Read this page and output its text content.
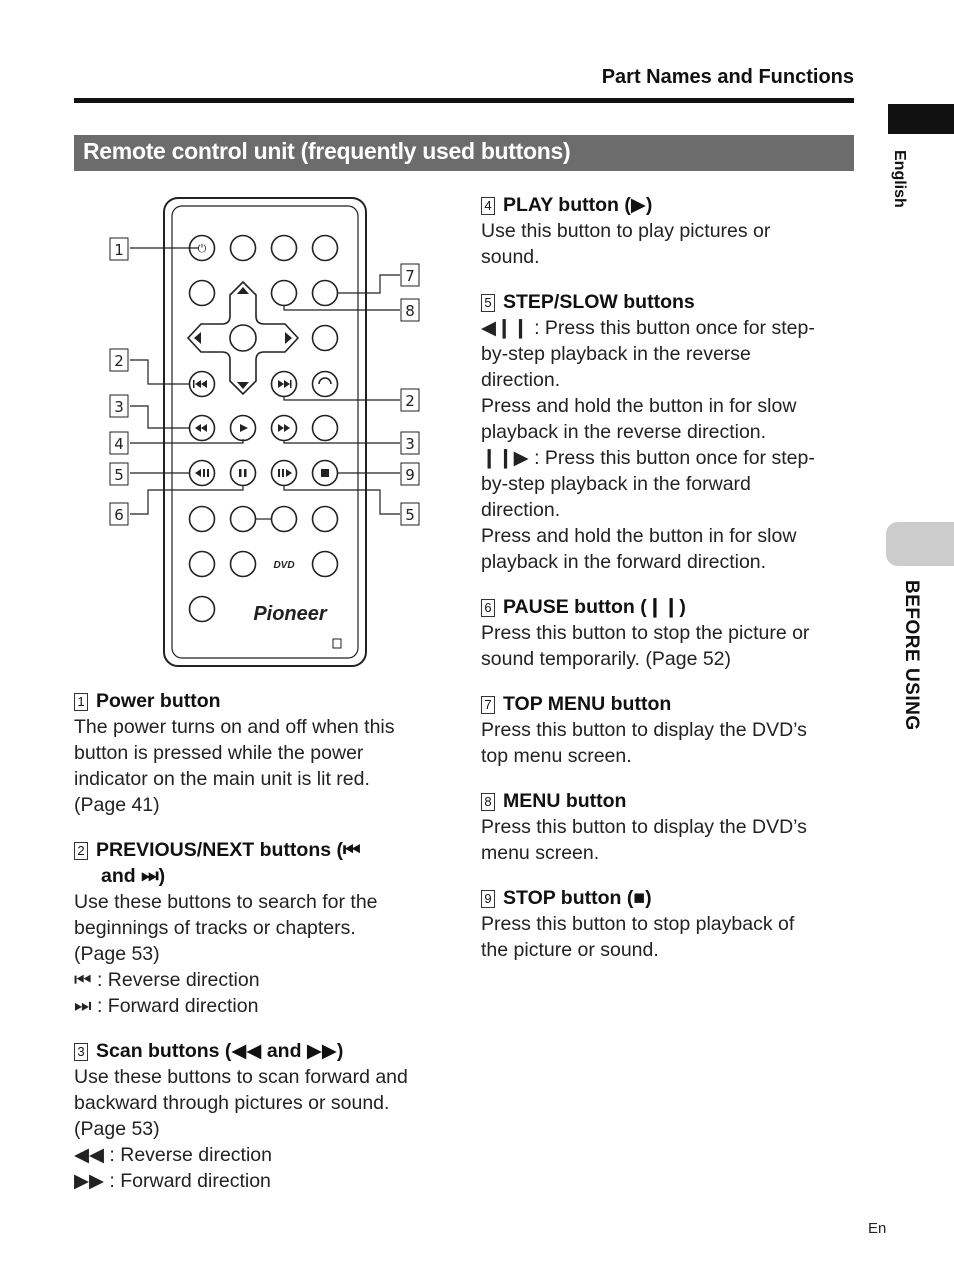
Part Names and Functions
English
BEFORE USING
Remote control unit (frequently used buttons)
⏻
DVD
Pioneer
1
2
3
4
5
6
7
8
2
3
9
5
1 Power button
The power turns on and off when this
button is pressed while the power
indicator on the main unit is lit red.
(Page 41)
2 PREVIOUS/NEXT buttons (⏮
and ⏭)
Use these buttons to search for the
beginnings of tracks or chapters.
(Page 53)
⏮ : Reverse direction
⏭ : Forward direction
3 Scan buttons (◀◀ and ▶▶)
Use these buttons to scan forward and
backward through pictures or sound.
(Page 53)
◀◀ : Reverse direction
▶▶ : Forward direction
4 PLAY button (▶)
Use this button to play pictures or
sound.
5 STEP/SLOW buttons
◀❙❙ : Press this button once for step-
by-step playback in the reverse
direction.
Press and hold the button in for slow
playback in the reverse direction.
❙❙▶ : Press this button once for step-
by-step playback in the forward
direction.
Press and hold the button in for slow
playback in the forward direction.
6 PAUSE button (❙❙)
Press this button to stop the picture or
sound temporarily. (Page 52)
7 TOP MENU button
Press this button to display the DVD’s
top menu screen.
8 MENU button
Press this button to display the DVD’s
menu screen.
9 STOP button (■)
Press this button to stop playback of
the picture or sound.
En
